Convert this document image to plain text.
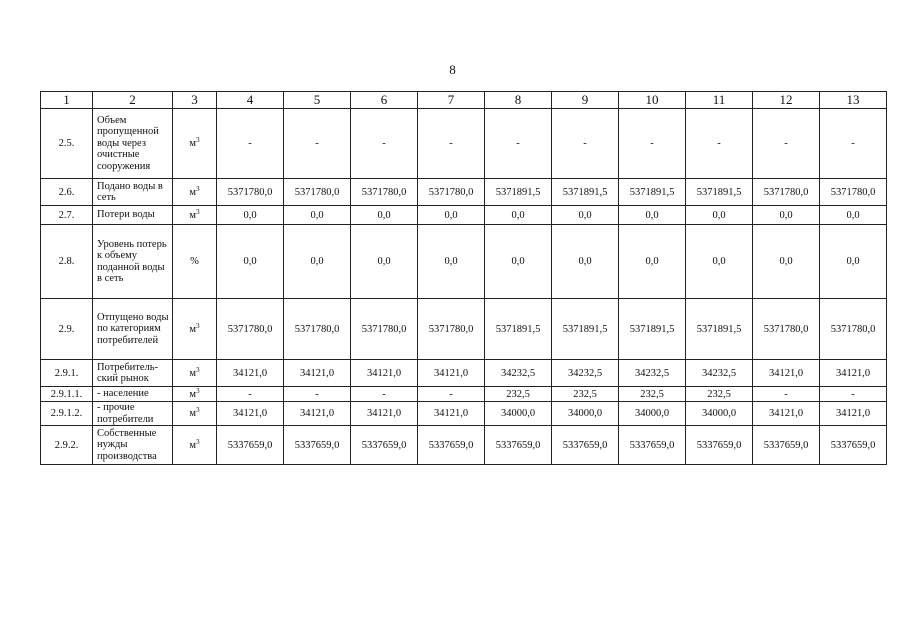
8
1	2	3	4	5	6	7	8	9	10	11	12	13
2.5.	Объем пропущенной воды через очистные сооружения	$м^3$	-	-	-	-	-	-	-	-	-	-
2.6.	Подано воды в сеть	$м^3$	5371780,0	5371780,0	5371780,0	5371780,0	5371891,5	5371891,5	5371891,5	5371891,5	5371780,0	5371780,0
2.7.	Потери воды	$м^3$	0,0	0,0	0,0	0,0	0,0	0,0	0,0	0,0	0,0	0,0
2.8.	Уровень потерь к объему поданной воды в сеть	%	0,0	0,0	0,0	0,0	0,0	0,0	0,0	0,0	0,0	0,0
2.9.	Отпущено воды по категориям потребителей	$м^3$	5371780,0	5371780,0	5371780,0	5371780,0	5371891,5	5371891,5	5371891,5	5371891,5	5371780,0	5371780,0
2.9.1.	Потребитель-ский рынок	$м^3$	34121,0	34121,0	34121,0	34121,0	34232,5	34232,5	34232,5	34232,5	34121,0	34121,0
2.9.1.1.	- население	$м^3$	-	-	-	-	232,5	232,5	232,5	232,5	-	-
2.9.1.2.	- прочие потребители	$м^3$	34121,0	34121,0	34121,0	34121,0	34000,0	34000,0	34000,0	34000,0	34121,0	34121,0
2.9.2.	Собственные нужды производства	$м^3$	5337659,0	5337659,0	5337659,0	5337659,0	5337659,0	5337659,0	5337659,0	5337659,0	5337659,0	5337659,0
